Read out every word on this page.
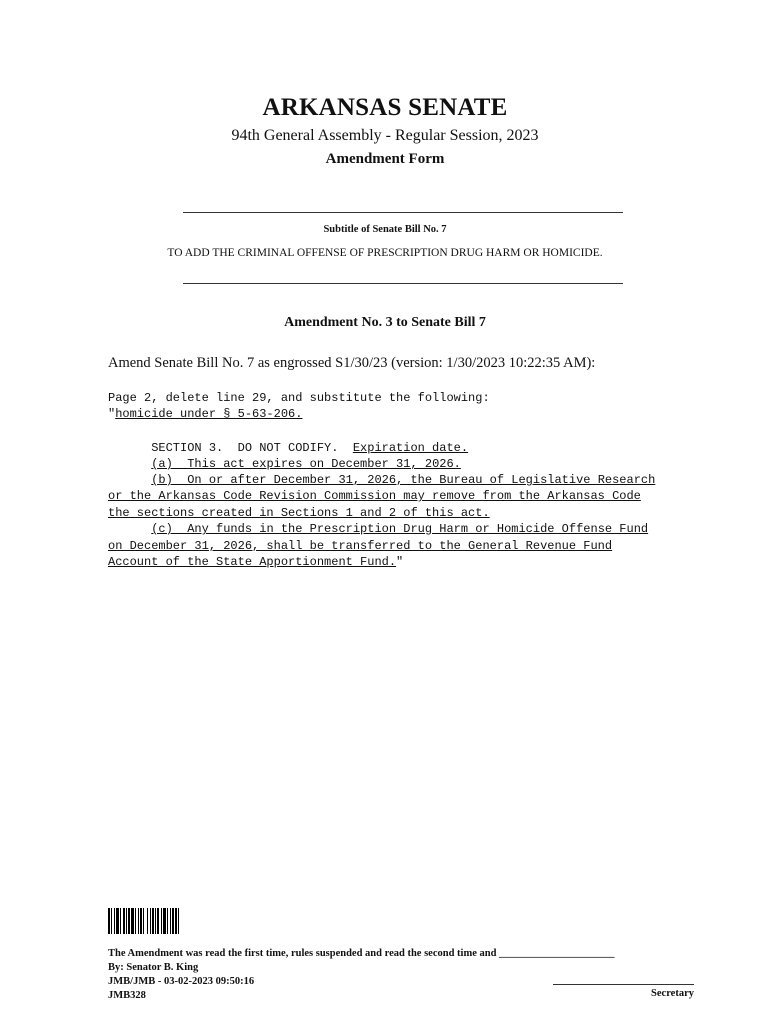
ARKANSAS SENATE
94th General Assembly - Regular Session, 2023
Amendment Form
Subtitle of Senate Bill No. 7
TO ADD THE CRIMINAL OFFENSE OF PRESCRIPTION DRUG HARM OR HOMICIDE.
Amendment No. 3 to Senate Bill 7
Amend Senate Bill No. 7 as engrossed S1/30/23 (version: 1/30/2023 10:22:35 AM):
Page 2, delete line 29, and substitute the following:
"homicide under § 5-63-206.
SECTION 3.  DO NOT CODIFY.  Expiration date.
(a)  This act expires on December 31, 2026.
(b)  On or after December 31, 2026, the Bureau of Legislative Research
or the Arkansas Code Revision Commission may remove from the Arkansas Code
the sections created in Sections 1 and 2 of this act.
(c)  Any funds in the Prescription Drug Harm or Homicide Offense Fund
on December 31, 2026, shall be transferred to the General Revenue Fund
Account of the State Apportionment Fund."
The Amendment was read the first time, rules suspended and read the second time and ______________________
By: Senator B. King
JMB/JMB - 03-02-2023 09:50:16
JMB328	Secretary
